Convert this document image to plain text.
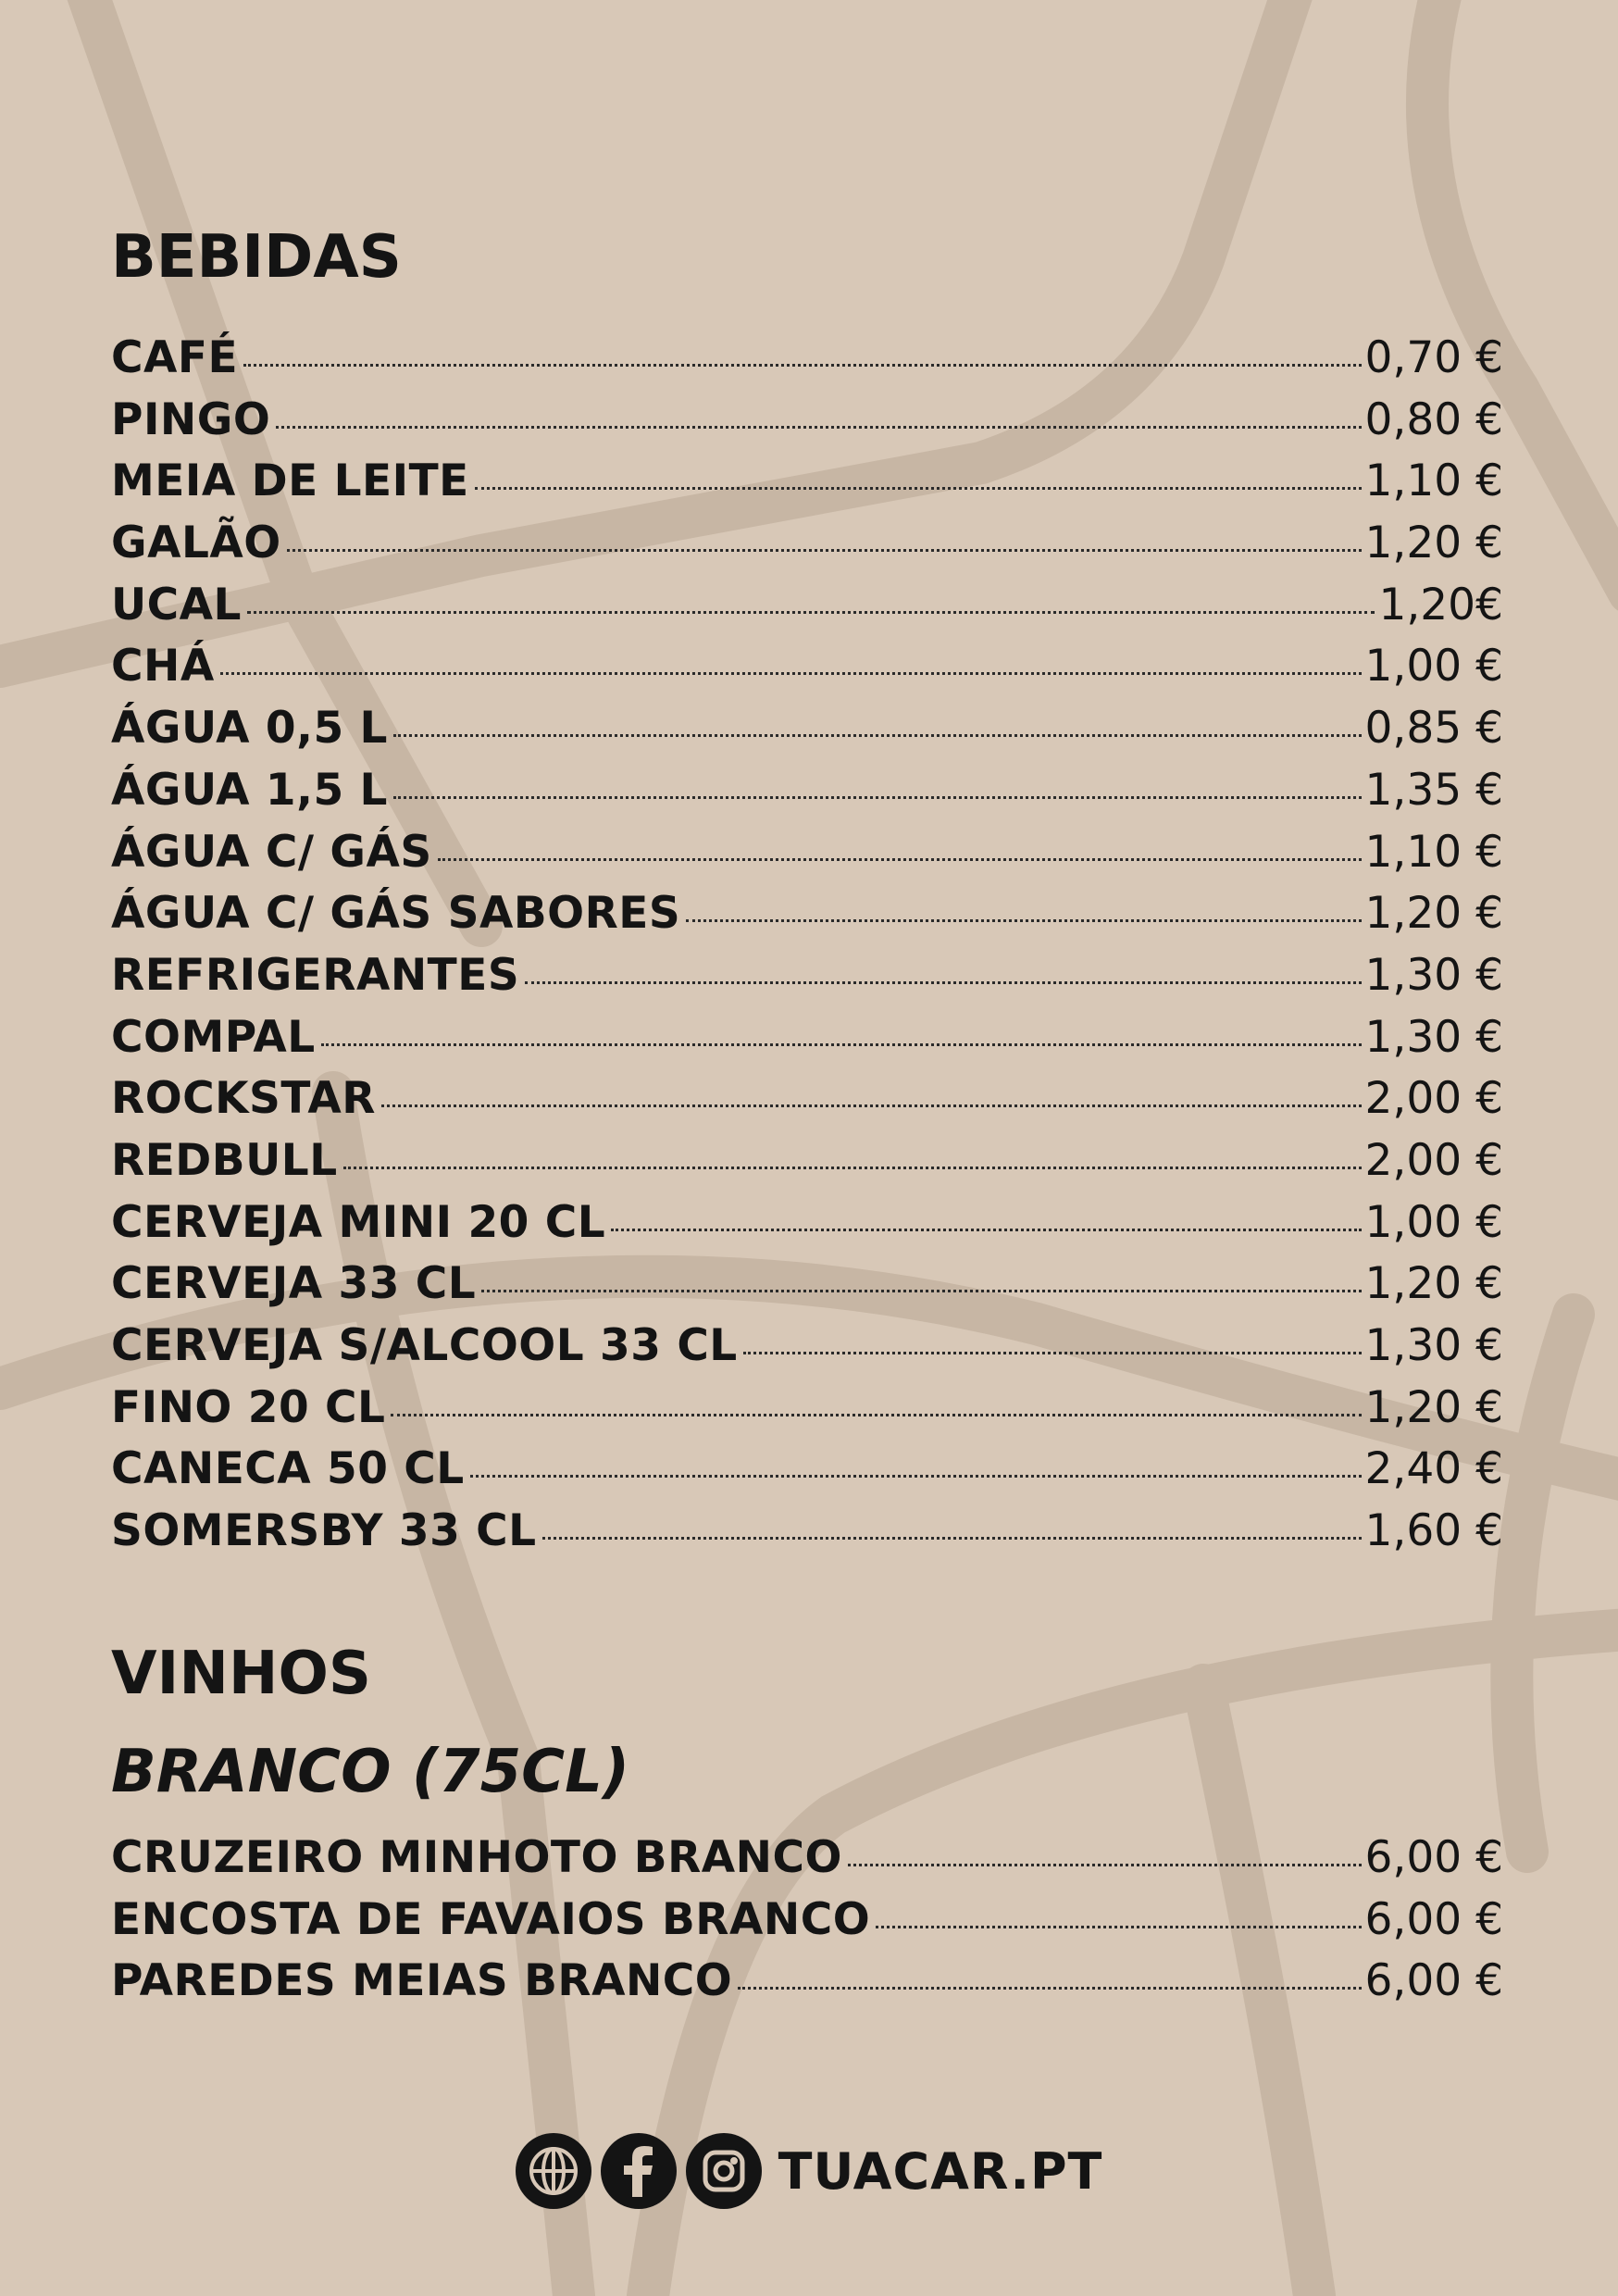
BEBIDAS
CAFÉ	0,70 €
PINGO	0,80 €
MEIA DE LEITE	1,10 €
GALÃO	1,20 €
UCAL	1,20€
CHÁ	1,00 €
ÁGUA 0,5 L	0,85 €
ÁGUA 1,5 L	1,35 €
ÁGUA C/ GÁS	1,10 €
ÁGUA C/ GÁS SABORES	1,20 €
REFRIGERANTES	1,30 €
COMPAL	1,30 €
ROCKSTAR	2,00 €
REDBULL	2,00 €
CERVEJA MINI 20 CL	1,00 €
CERVEJA 33 CL	1,20 €
CERVEJA S/ALCOOL 33 CL	1,30 €
FINO 20 CL	1,20 €
CANECA 50 CL	2,40 €
SOMERSBY 33 CL	1,60 €
VINHOS
BRANCO (75CL)
CRUZEIRO MINHOTO BRANCO	6,00 €
ENCOSTA DE FAVAIOS BRANCO	6,00 €
PAREDES MEIAS BRANCO	6,00 €
TUACAR.PT
